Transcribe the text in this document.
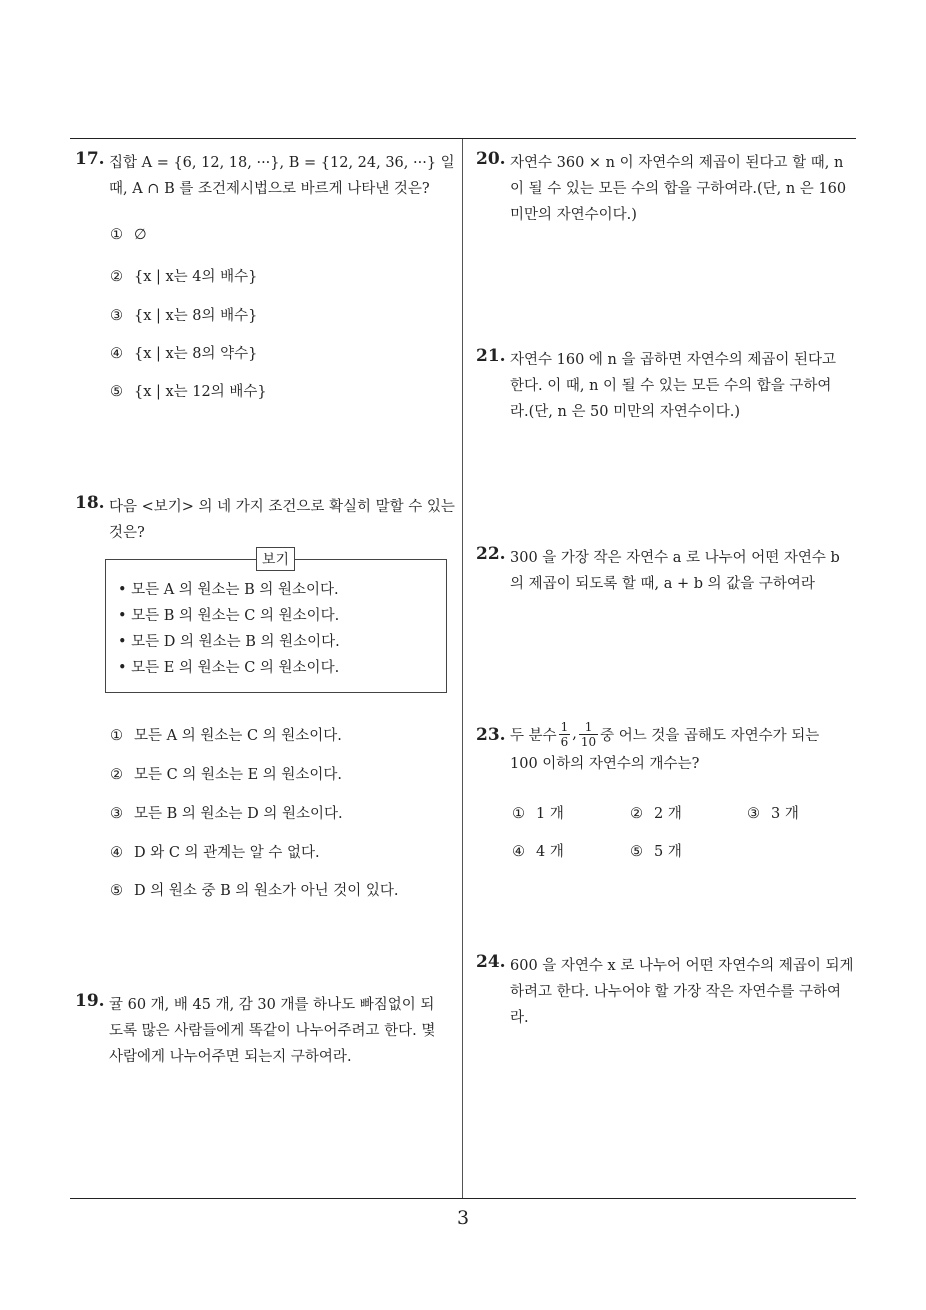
17. 집합 A = {6, 12, 18, ···}, B = {12, 24, 36, ···} 일
때, A ∩ B 를 조건제시법으로 바르게 나타낸 것은?
① ∅
② {x | x는 4의 배수}
③ {x | x는 8의 배수}
④ {x | x는 8의 약수}
⑤ {x | x는 12의 배수}
18. 다음 <보기> 의 네 가지 조건으로 확실히 말할 수 있는
것은?
보기
• 모든 A 의 원소는 B 의 원소이다.
• 모든 B 의 원소는 C 의 원소이다.
• 모든 D 의 원소는 B 의 원소이다.
• 모든 E 의 원소는 C 의 원소이다.
① 모든 A 의 원소는 C 의 원소이다.
② 모든 C 의 원소는 E 의 원소이다.
③ 모든 B 의 원소는 D 의 원소이다.
④ D 와 C 의 관계는 알 수 없다.
⑤ D 의 원소 중 B 의 원소가 아닌 것이 있다.
19. 귤 60 개, 배 45 개, 감 30 개를 하나도 빠짐없이 되
도록 많은 사람들에게 똑같이 나누어주려고 한다. 몇
사람에게 나누어주면 되는지 구하여라.
20. 자연수 360 × n 이 자연수의 제곱이 된다고 할 때, n
이 될 수 있는 모든 수의 합을 구하여라.(단, n 은 160
미만의 자연수이다.)
21. 자연수 160 에 n 을 곱하면 자연수의 제곱이 된다고
한다. 이 때, n 이 될 수 있는 모든 수의 합을 구하여
라.(단, n 은 50 미만의 자연수이다.)
22. 300 을 가장 작은 자연수 a 로 나누어 어떤 자연수 b
의 제곱이 되도록 할 때, a + b 의 값을 구하여라
23. 두 분수 $\frac{1}{6}$ , $\frac{1}{10}$ 중 어느 것을 곱해도 자연수가 되는
100 이하의 자연수의 개수는?
① 1 개	② 2 개	③ 3 개
④ 4 개	⑤ 5 개
24. 600 을 자연수 x 로 나누어 어떤 자연수의 제곱이 되게
하려고 한다. 나누어야 할 가장 작은 자연수를 구하여
라.
3
